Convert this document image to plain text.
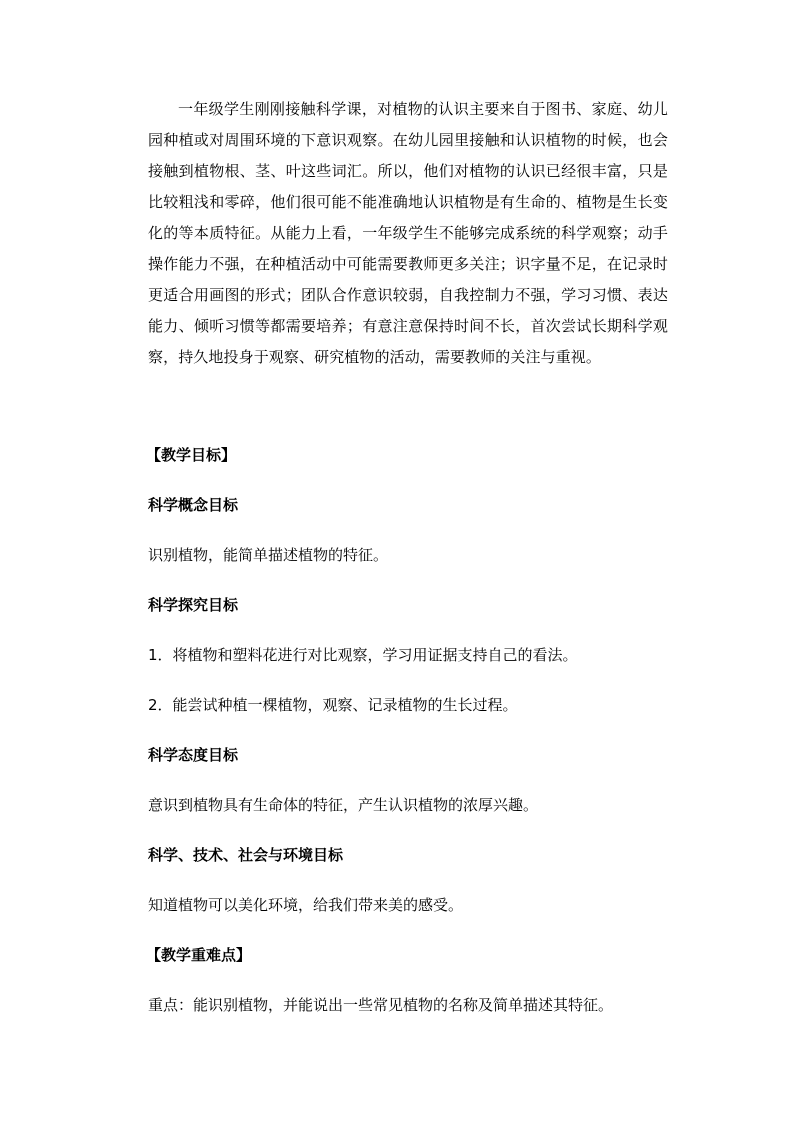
一年级学生刚刚接触科学课，对植物的认识主要来自于图书、家庭、幼儿园种植或对周围环境的下意识观察。在幼儿园里接触和认识植物的时候，也会接触到植物根、茎、叶这些词汇。所以，他们对植物的认识已经很丰富，只是比较粗浅和零碎，他们很可能不能准确地认识植物是有生命的、植物是生长变化的等本质特征。从能力上看，一年级学生不能够完成系统的科学观察；动手操作能力不强，在种植活动中可能需要教师更多关注；识字量不足，在记录时更适合用画图的形式；团队合作意识较弱，自我控制力不强，学习习惯、表达能力、倾听习惯等都需要培养；有意注意保持时间不长，首次尝试长期科学观察，持久地投身于观察、研究植物的活动，需要教师的关注与重视。

【教学目标】

科学概念目标

识别植物，能简单描述植物的特征。

科学探究目标

1．将植物和塑料花进行对比观察，学习用证据支持自己的看法。

2．能尝试种植一棵植物，观察、记录植物的生长过程。

科学态度目标

意识到植物具有生命体的特征，产生认识植物的浓厚兴趣。

科学、技术、社会与环境目标

知道植物可以美化环境，给我们带来美的感受。

【教学重难点】

重点：能识别植物，并能说出一些常见植物的名称及简单描述其特征。
